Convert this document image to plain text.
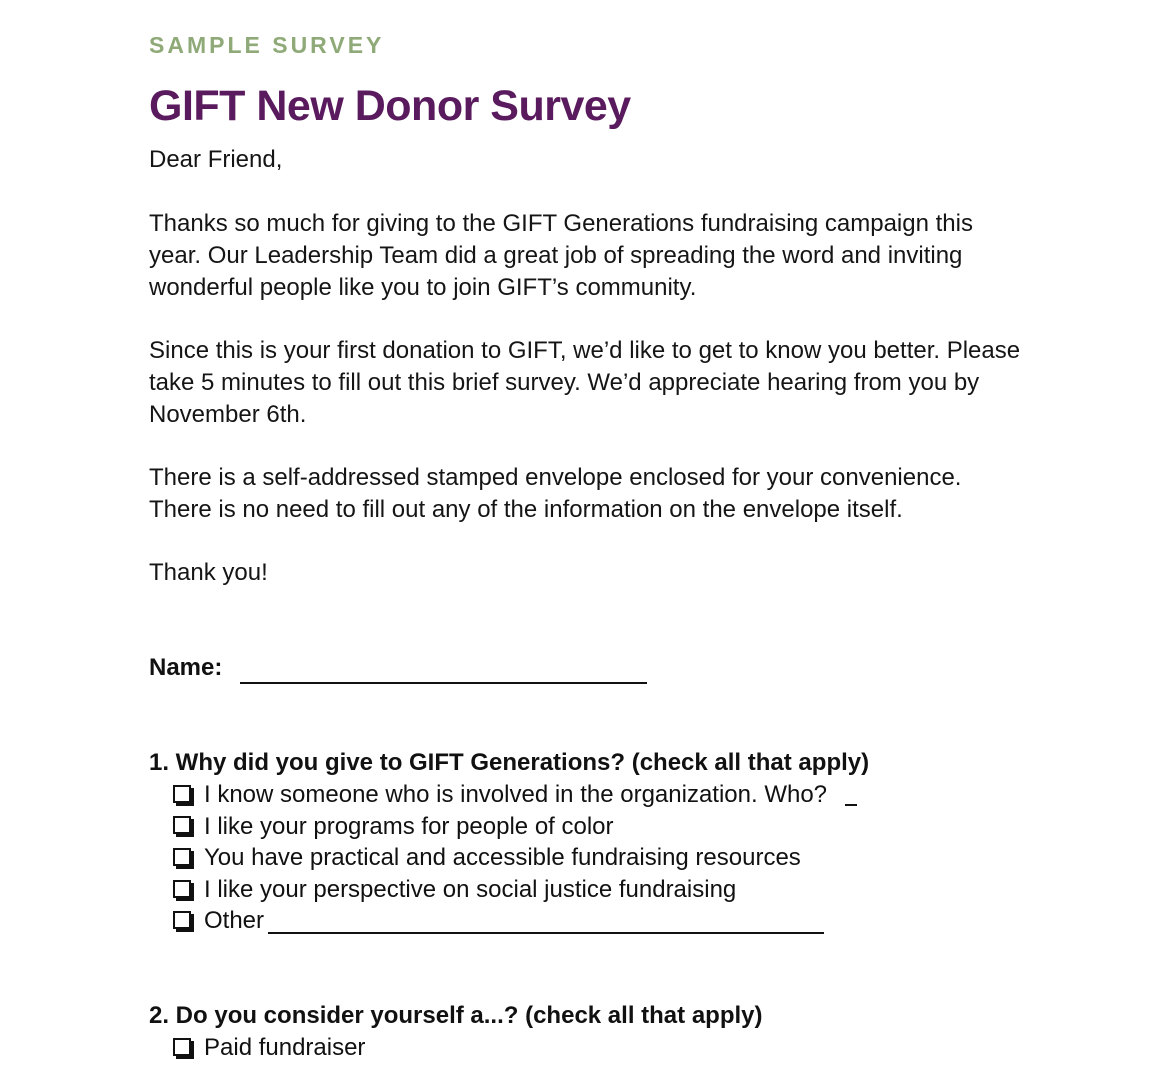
SAMPLE SURVEY

GIFT New Donor Survey

Dear Friend,

Thanks so much for giving to the GIFT Generations fundraising campaign this year. Our Leadership Team did a great job of spreading the word and inviting wonderful people like you to join GIFT’s community.

Since this is your first donation to GIFT, we’d like to get to know you better. Please take 5 minutes to fill out this brief survey. We’d appreciate hearing from you by November 6th.

There is a self-addressed stamped envelope enclosed for your convenience. There is no need to fill out any of the information on the envelope itself.

Thank you!

Name:

1. Why did you give to GIFT Generations? (check all that apply)

I know someone who is involved in the organization. Who?
I like your programs for people of color
You have practical and accessible fundraising resources
I like your perspective on social justice fundraising
Other

2. Do you consider yourself a...? (check all that apply)

Paid fundraiser
